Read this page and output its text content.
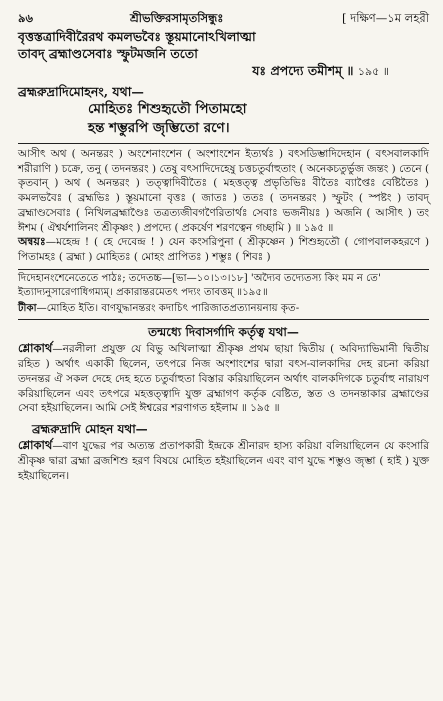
৯৬	শ্রীভক্তিরসামৃতসিন্ধুঃ	[ দক্ষিণ—১ম লহরী
বৃত্তস্তত্রাদিবীরৈরথ কমলভবৈঃ স্তূয়মানোঽখিলাত্মা
তাবদ্ ব্রহ্মাণ্ডসেবাঃ স্ফুটমজনি ততো
যঃ প্রপদ্যে তমীশম্ ॥ ১৯৫ ॥
ব্রহ্মরুদ্রাদিমোহনং, যথা—
মোহিতঃ শিশুহৃতৌ পিতামহো
হন্ত শম্ভুরপি জৃম্ভিতো রণে।

আসীৎ অথ ( অনন্তরং ) অংশেনাংশেন ( অংশাংশেন ইত্যর্থঃ ) বৎসডিম্ভাদিদেহান ( বৎসবালকাদি শরীরাণি ) চক্রে, তনু ( তদনন্তরং ) তেষু বৎসাদিদেহেষু চত্তচতুর্বাহুতাং ( অনেকচতুর্ভুজ জন্তং ) তেনে ( কৃতবান্ ) অথ ( অনন্তরং ) তত্ত্বাদিবীতৈঃ ( মহত্তত্ত্ব প্রভৃতিভিঃ বীতৈঃ ব্যাপ্তৈঃ বেষ্টিতৈঃ ) কমলভবৈঃ ( ব্রহ্মভিঃ ) স্তূয়মানো বৃত্তঃ ( জাতঃ ) ততঃ ( তদনন্তরং ) স্ফুটং ( স্পষ্টং ) তাবদ্ ব্রহ্মাণ্ডসেবাঃ ( নিখিলব্রহ্মাণ্ডৈঃ তত্রত্যজীবগণৈরিতার্থঃ সেবাঃ ভজনীয়ঃ ) অজনি ( আসীৎ ) তং ঈশম ( ঐশ্বর্যশালিনং শ্রীকৃষ্ণং ) প্রপদ্যে ( প্রকর্ষেণ শরণত্বেন গচ্ছামি ) ॥ ১৯৫ ॥

অন্বয়ঃ—মহেন্দ্র ! ( হে দেবেন্দ্র ! ) যেন কংসরিপুনা ( শ্রীকৃষ্ণেন ) শিশুহৃতৌ ( গোপবালকহরণে ) পিতামহঃ ( ব্রহ্মা ) মোহিতঃ ( মোহং প্রাপিতঃ ) শম্ভুঃ ( শিবঃ )

দিদেহানংশেনেতেতে পাঠঃ; তদেতচ্চ—[ভা—১০।১৩।১৮] 'অদ্যৈব তদ্যেতস্য কিং মম ন তে' ইত্যাদ্যনুসারেণাধিগম্যম্। প্রকারান্তরমেতৎ পদ্যং তাবত্তম্ ॥১৯৫॥

টীকা—মোহিত ইতি। বাণযুদ্ধানন্তরং কদাচিৎ পারিজাতপ্রত্যানয়নায় কৃত-

তন্মধ্যে দিবাসর্গাদি কর্তৃত্ব যথা—

শ্লোকার্থ—নরলীলা প্রযুক্ত যে বিভু অখিলাত্মা শ্রীকৃষ্ণ প্রথম ছায়া দ্বিতীয় ( অবিদ্যাভিমানী দ্বিতীয় রহিত ) অর্থাৎ একাকী ছিলেন, তৎপরে নিজ অংশাংশের দ্বারা বৎস-বালকাদির দেহ রচনা করিয়া তদনন্তর ঐ সকল দেহে দেহ হতে চতুর্বাহুতা বিস্তার করিয়াছিলেন অর্থাৎ বালকদিগকে চতুর্বাহু নারায়ণ করিয়াছিলেন এবং তৎপরে মহত্তত্ত্বাদি যুক্ত ব্রহ্মাগণ কর্তৃক বেষ্টিত, স্তত ও তদনন্তাকার ব্রহ্মাণ্ডের সেবা হইয়াছিলেন। আমি সেই ঈশ্বরের শরণাগত হইলাম ॥ ১৯৫ ॥

ব্রহ্মরুদ্রাদি মোহন যথা—

শ্লোকার্থ—বাণ যুদ্ধের পর অত্যন্ত প্রতাপকারী ইন্দ্রকে শ্রীনারদ হাস্য করিয়া বলিয়াছিলেন যে কংসারি শ্রীকৃষ্ণ দ্বারা ব্রহ্মা ব্রজশিশু হরণ বিষয়ে মোহিত হইয়াছিলেন এবং বাণ যুদ্ধে শম্ভুও জৃম্ভা ( হাই ) যুক্ত হইয়াছিলেন।
